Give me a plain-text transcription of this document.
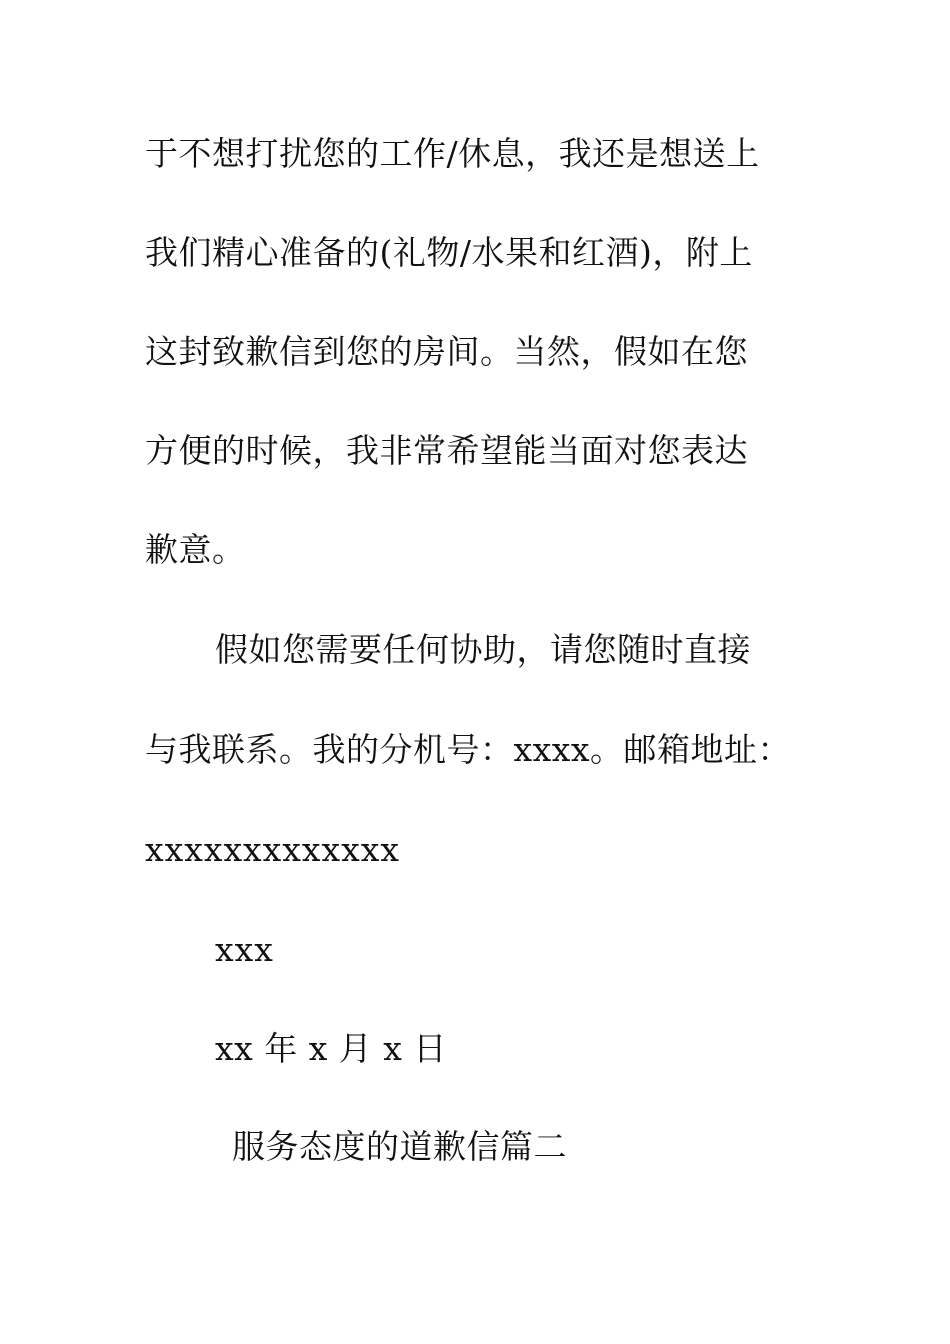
于不想打扰您的工作/休息，我还是想送上
我们精心准备的(礼物/水果和红酒)，附上
这封致歉信到您的房间。当然，假如在您
方便的时候，我非常希望能当面对您表达
歉意。
假如您需要任何协助，请您随时直接
与我联系。我的分机号：xxxx。邮箱地址：
xxxxxxxxxxxxx
xxx
xx 年 x 月 x 日
服务态度的道歉信篇二
